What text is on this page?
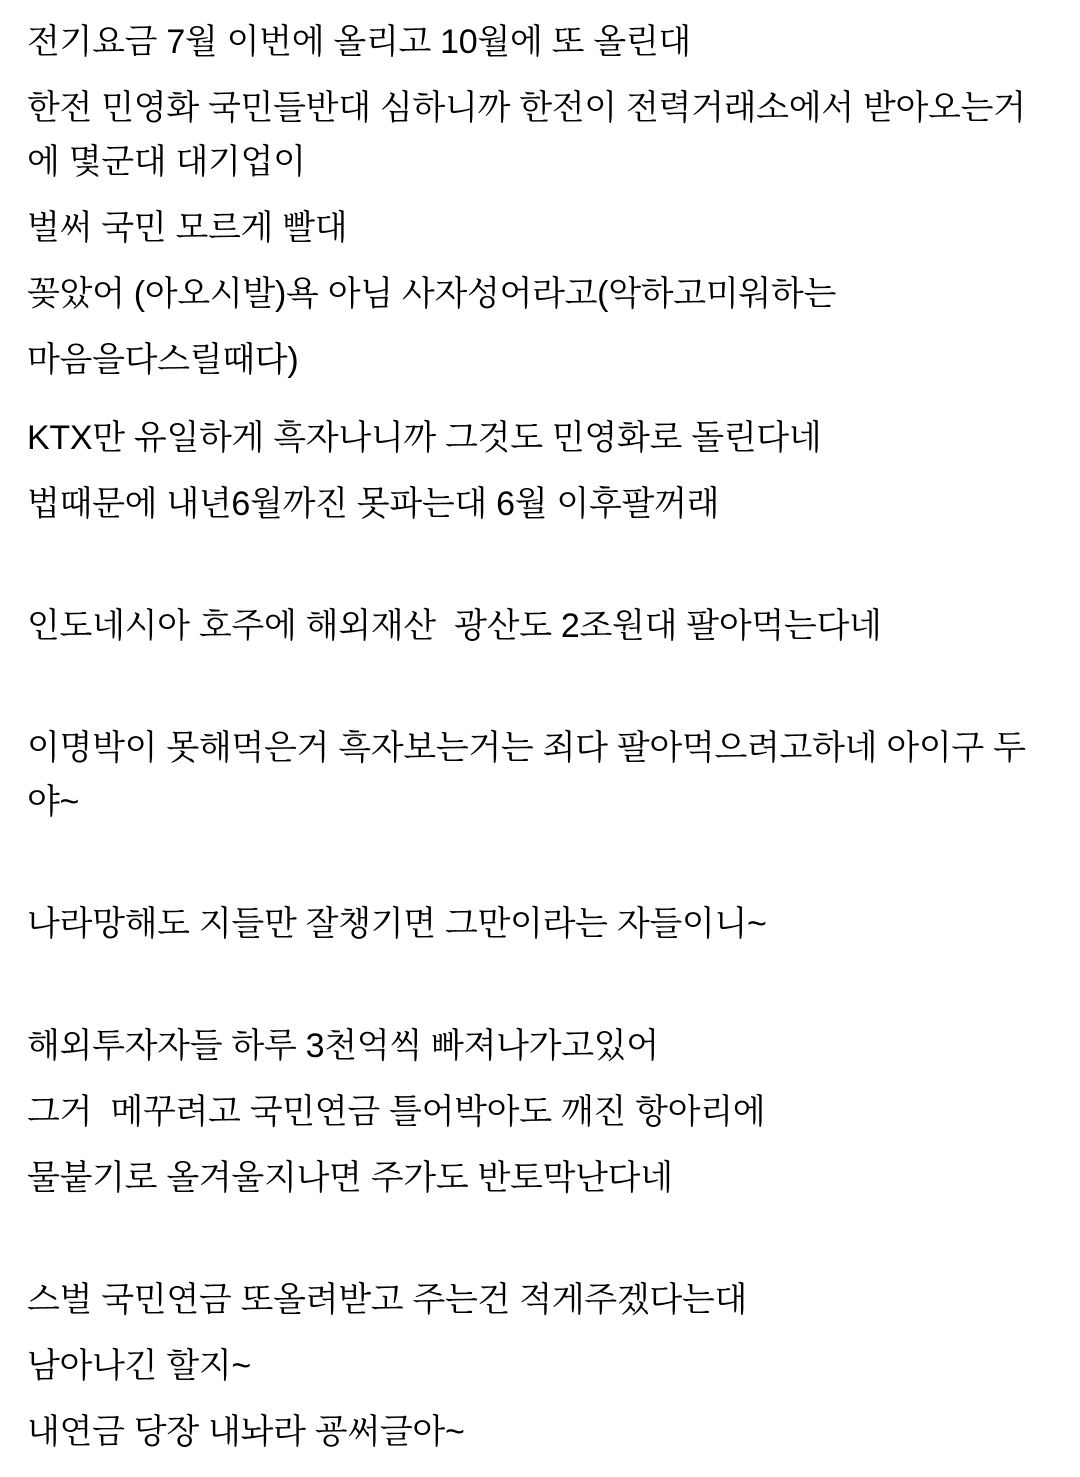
전기요금 7월 이번에 올리고 10월에 또 올린대
한전 민영화 국민들반대 심하니까 한전이 전력거래소에서 받아오는거
에 몇군대 대기업이
벌써 국민 모르게 빨대
꽂았어 (아오시발)욕 아님 사자성어라고(악하고미워하는
마음을다스릴때다)
KTX만 유일하게 흑자나니까 그것도 민영화로 돌린다네
법때문에 내년6월까진 못파는대 6월 이후팔꺼래
인도네시아 호주에 해외재산  광산도 2조원대 팔아먹는다네
이명박이 못해먹은거 흑자보는거는 죄다 팔아먹으려고하네 아이구 두
야~
나라망해도 지들만 잘챙기면 그만이라는 자들이니~
해외투자자들 하루 3천억씩 빠져나가고있어
그거  메꾸려고 국민연금 틀어박아도 깨진 항아리에
물붙기로 올겨울지나면 주가도 반토막난다네
스벌 국민연금 또올려받고 주는건 적게주겠다는대
남아나긴 할지~
내연금 당장 내놔라 굥써글아~
